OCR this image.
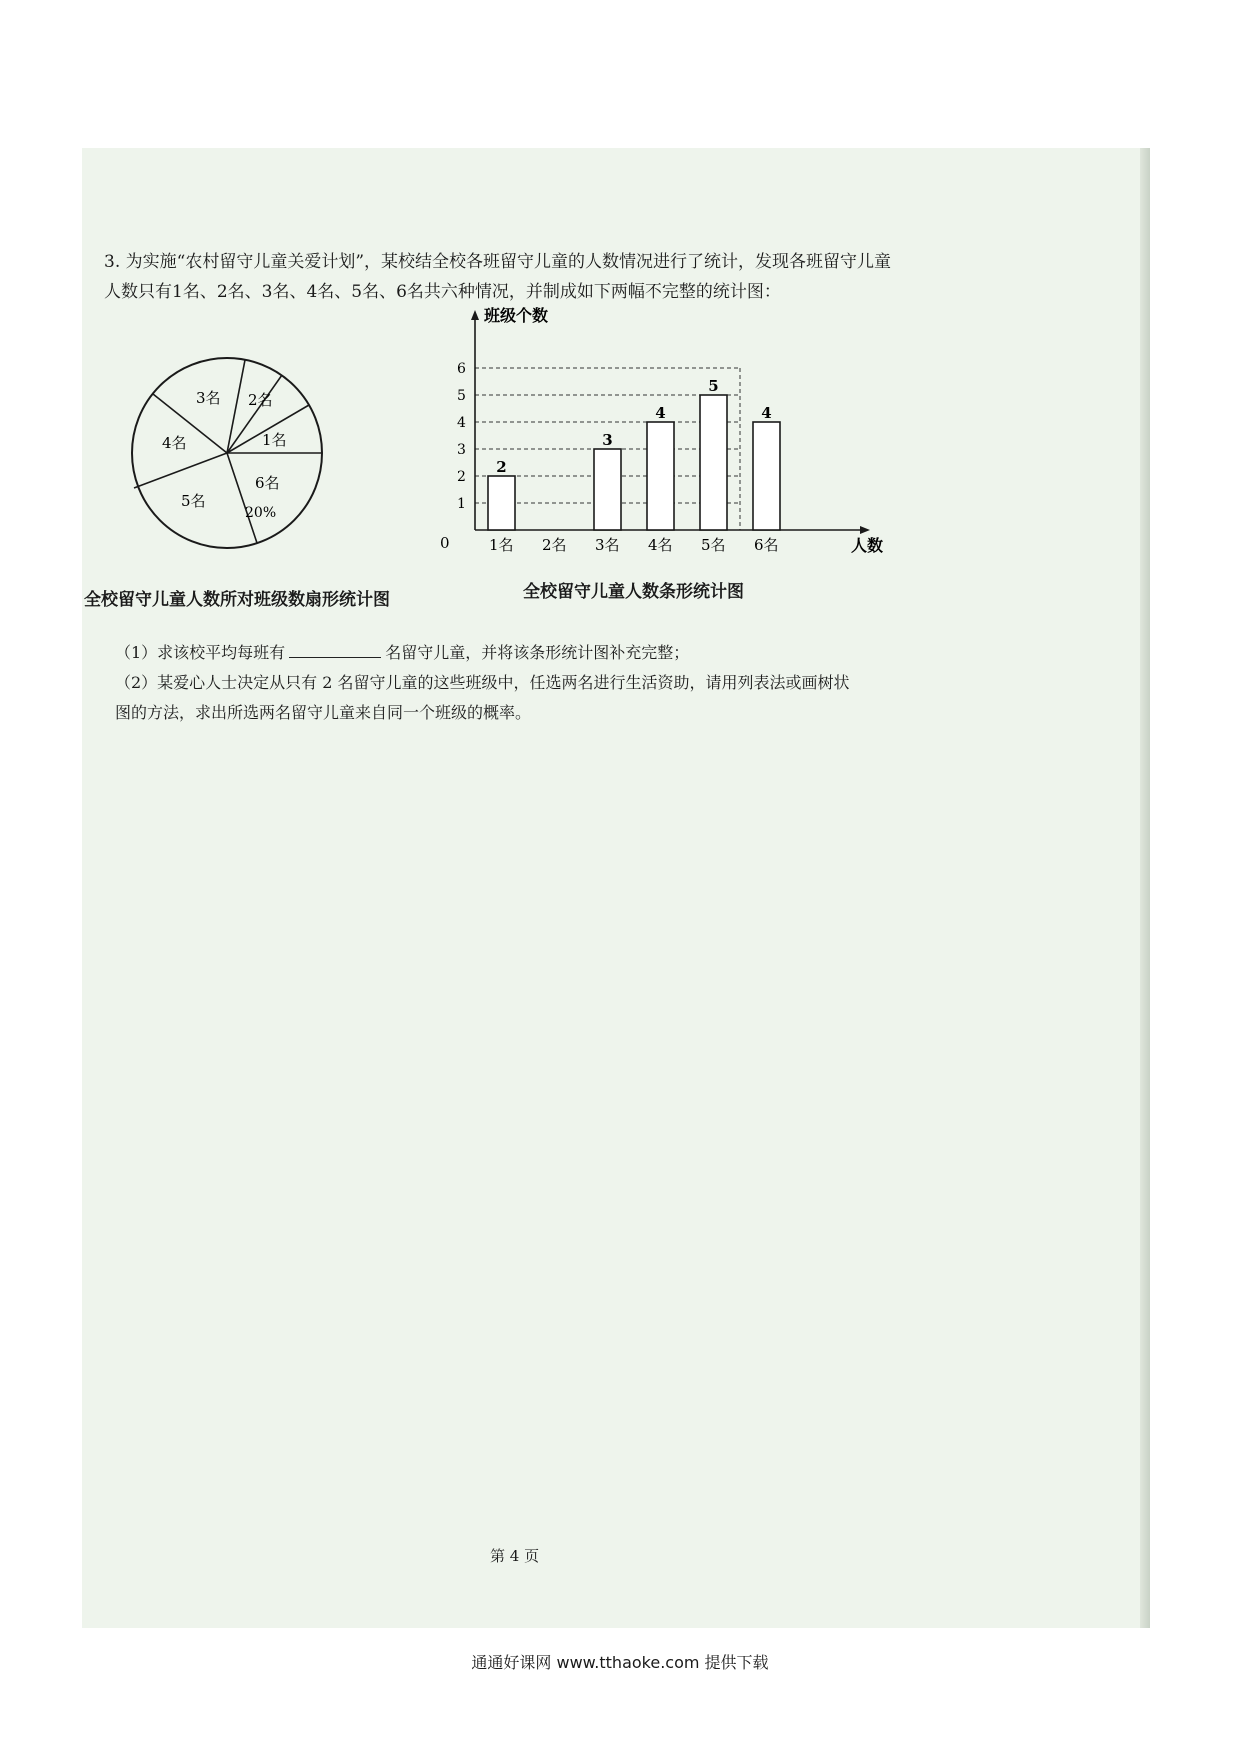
3. 为实施“农村留守儿童关爱计划”，某校结全校各班留守儿童的人数情况进行了统计，发现各班留守儿童

人数只有1名、2名、3名、4名、5名、6名共六种情况，并制成如下两幅不完整的统计图：

1名
6名
20%
5名
4名
3名 2名
班级个数
人数
0
1
2
3
4
5
6
1名 2名 3名 4名 5名 6名
2
3
4
5
4

全校留守儿童人数所对班级数扇形统计图	全校留守儿童人数条形统计图

（1）求该校平均每班有	名留守儿童，并将该条形统计图补充完整；

（2）某爱心人士决定从只有 2 名留守儿童的这些班级中，任选两名进行生活资助，请用列表法或画树状

图的方法，求出所选两名留守儿童来自同一个班级的概率。

第 4 页
通通好课网 www.tthaoke.com 提供下载
